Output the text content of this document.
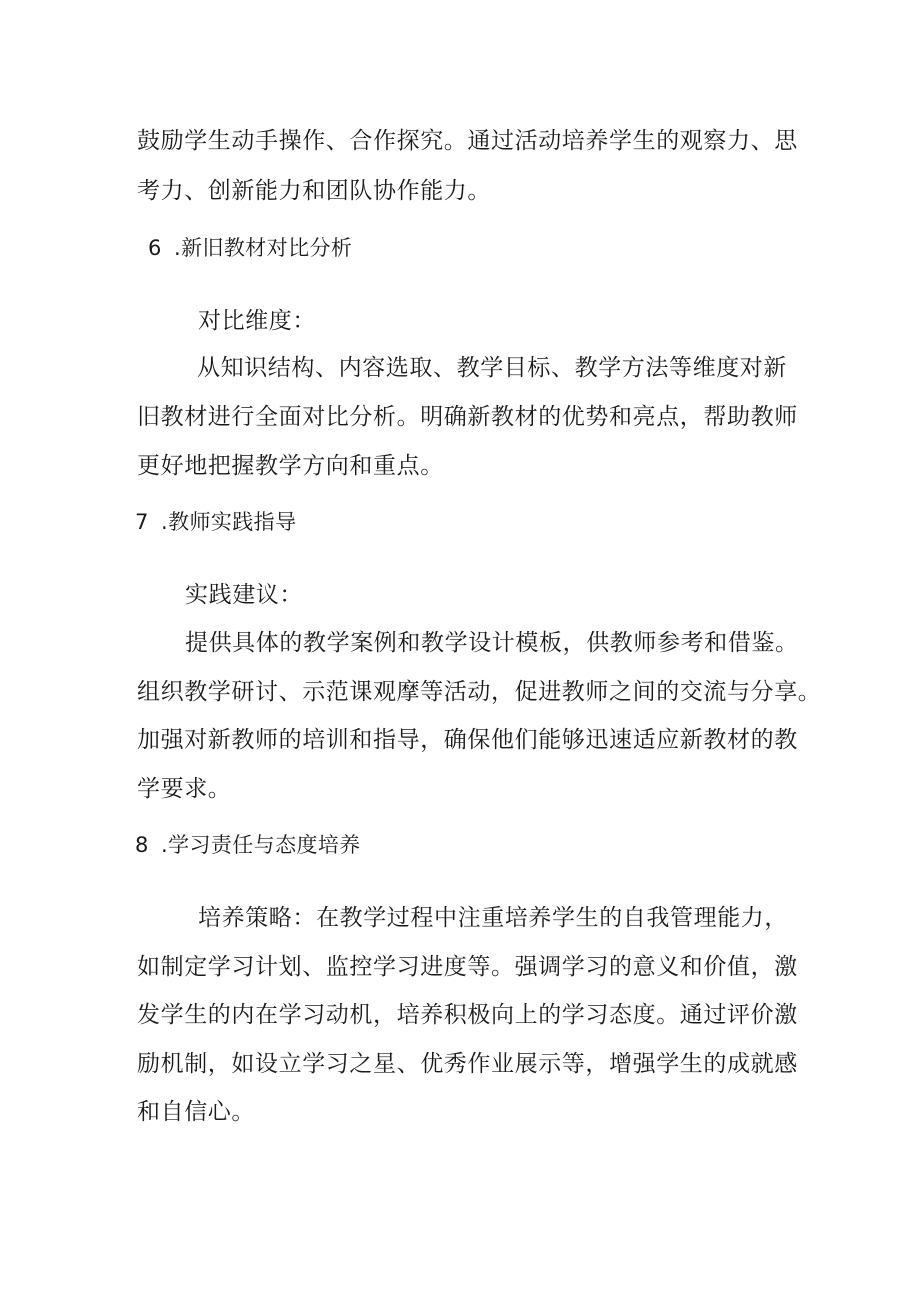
鼓励学生动手操作、合作探究。通过活动培养学生的观察力、思
考力、创新能力和团队协作能力。
6 .新旧教材对比分析
对比维度：
从知识结构、内容选取、教学目标、教学方法等维度对新
旧教材进行全面对比分析。明确新教材的优势和亮点，帮助教师
更好地把握教学方向和重点。
7 .教师实践指导
实践建议：
提供具体的教学案例和教学设计模板，供教师参考和借鉴。
组织教学研讨、示范课观摩等活动，促进教师之间的交流与分享。
加强对新教师的培训和指导，确保他们能够迅速适应新教材的教
学要求。
8 .学习责任与态度培养
培养策略：在教学过程中注重培养学生的自我管理能力，
如制定学习计划、监控学习进度等。强调学习的意义和价值，激
发学生的内在学习动机，培养积极向上的学习态度。通过评价激
励机制，如设立学习之星、优秀作业展示等，增强学生的成就感
和自信心。
